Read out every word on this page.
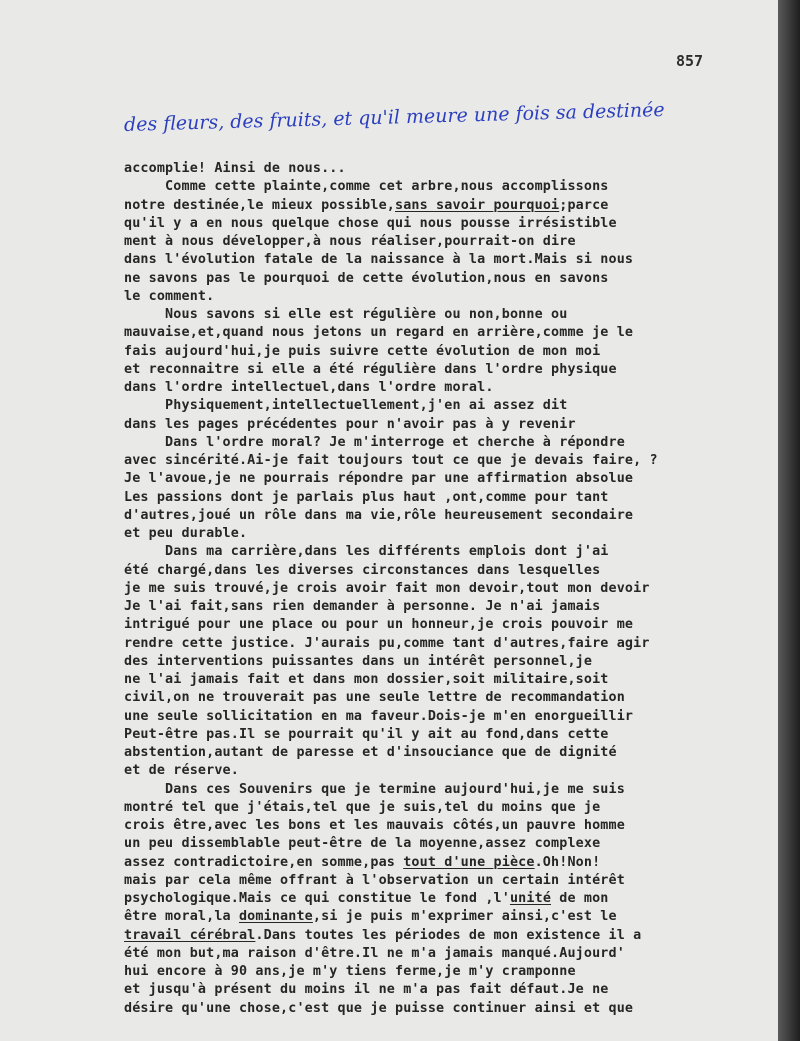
857
des fleurs, des fruits, et qu'il meure une fois sa destinée
accomplie! Ainsi de nous...
Comme cette plainte,comme cet arbre,nous accomplissons
notre destinée,le mieux possible,sans savoir pourquoi;parce
qu'il y a en nous quelque chose qui nous pousse irrésistible
ment à nous développer,à nous réaliser,pourrait-on dire
dans l'évolution fatale de la naissance à la mort.Mais si nous
ne savons pas le pourquoi de cette évolution,nous en savons
le comment.
Nous savons si elle est régulière ou non,bonne ou
mauvaise,et,quand nous jetons un regard en arrière,comme je le
fais aujourd'hui,je puis suivre cette évolution de mon moi
et reconnaitre si elle a été régulière dans l'ordre physique
dans l'ordre intellectuel,dans l'ordre moral.
Physiquement,intellectuellement,j'en ai assez dit
dans les pages précédentes pour n'avoir pas à y revenir
Dans l'ordre moral? Je m'interroge et cherche à répondre
avec sincérité.Ai-je fait toujours tout ce que je devais faire, ?
Je l'avoue,je ne pourrais répondre par une affirmation absolue
Les passions dont je parlais plus haut ,ont,comme pour tant
d'autres,joué un rôle dans ma vie,rôle heureusement secondaire
et peu durable.
Dans ma carrière,dans les différents emplois dont j'ai
été chargé,dans les diverses circonstances dans lesquelles
je me suis trouvé,je crois avoir fait mon devoir,tout mon devoir
Je l'ai fait,sans rien demander à personne. Je n'ai jamais
intrigué pour une place ou pour un honneur,je crois pouvoir me
rendre cette justice. J'aurais pu,comme tant d'autres,faire agir
des interventions puissantes dans un intérêt personnel,je
ne l'ai jamais fait et dans mon dossier,soit militaire,soit
civil,on ne trouverait pas une seule lettre de recommandation
une seule sollicitation en ma faveur.Dois-je m'en enorgueillir
Peut-être pas.Il se pourrait qu'il y ait au fond,dans cette
abstention,autant de paresse et d'insouciance que de dignité
et de réserve.
Dans ces Souvenirs que je termine aujourd'hui,je me suis
montré tel que j'étais,tel que je suis,tel du moins que je
crois être,avec les bons et les mauvais côtés,un pauvre homme
un peu dissemblable peut-être de la moyenne,assez complexe
assez contradictoire,en somme,pas tout d'une pièce.Oh!Non!
mais par cela même offrant à l'observation un certain intérêt
psychologique.Mais ce qui constitue le fond ,l'unité de mon
être moral,la dominante,si je puis m'exprimer ainsi,c'est le
travail cérébral.Dans toutes les périodes de mon existence il a
été mon but,ma raison d'être.Il ne m'a jamais manqué.Aujourd'
hui encore à 90 ans,je m'y tiens ferme,je m'y cramponne
et jusqu'à présent du moins il ne m'a pas fait défaut.Je ne
désire qu'une chose,c'est que je puisse continuer ainsi et que
